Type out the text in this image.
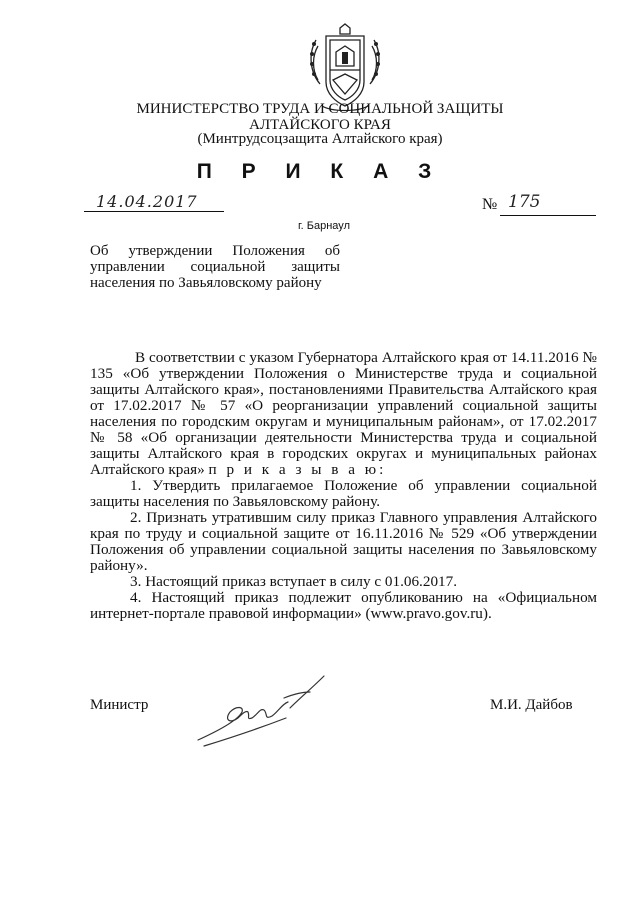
МИНИСТЕРСТВО ТРУДА И СОЦИАЛЬНОЙ ЗАЩИТЫ
АЛТАЙСКОГО КРАЯ
(Минтрудсоцзащита Алтайского края)
П Р И К А З
14.04.2017	№ 175
г. Барнаул
Об утверждении Положения об
управлении социальной защиты
населения по Завьяловскому району

В соответствии с указом Губернатора Алтайского края от 14.11.2016 № 135 «Об утверждении Положения о Министерстве труда и социальной защиты Алтайского края», постановлениями Правительства Алтайского края от 17.02.2017 № 57 «О реорганизации управлений социальной защиты населения по городским округам и муниципальным районам», от 17.02.2017 № 58 «Об организации деятельности Министерства труда и социальной защиты Алтайского края в городских округах и муниципальных районах Алтайского края» п р и к а з ы в а ю:

1. Утвердить прилагаемое Положение об управлении социальной защиты населения по Завьяловскому району.

2. Признать утратившим силу приказ Главного управления Алтайского края по труду и социальной защите от 16.11.2016 № 529 «Об утверждении Положения об управлении социальной защиты населения по Завьяловскому району».

3. Настоящий приказ вступает в силу с 01.06.2017.

4. Настоящий приказ подлежит опубликованию на «Официальном интернет-портале правовой информации» (www.pravo.gov.ru).

Министр	М.И. Дайбов
